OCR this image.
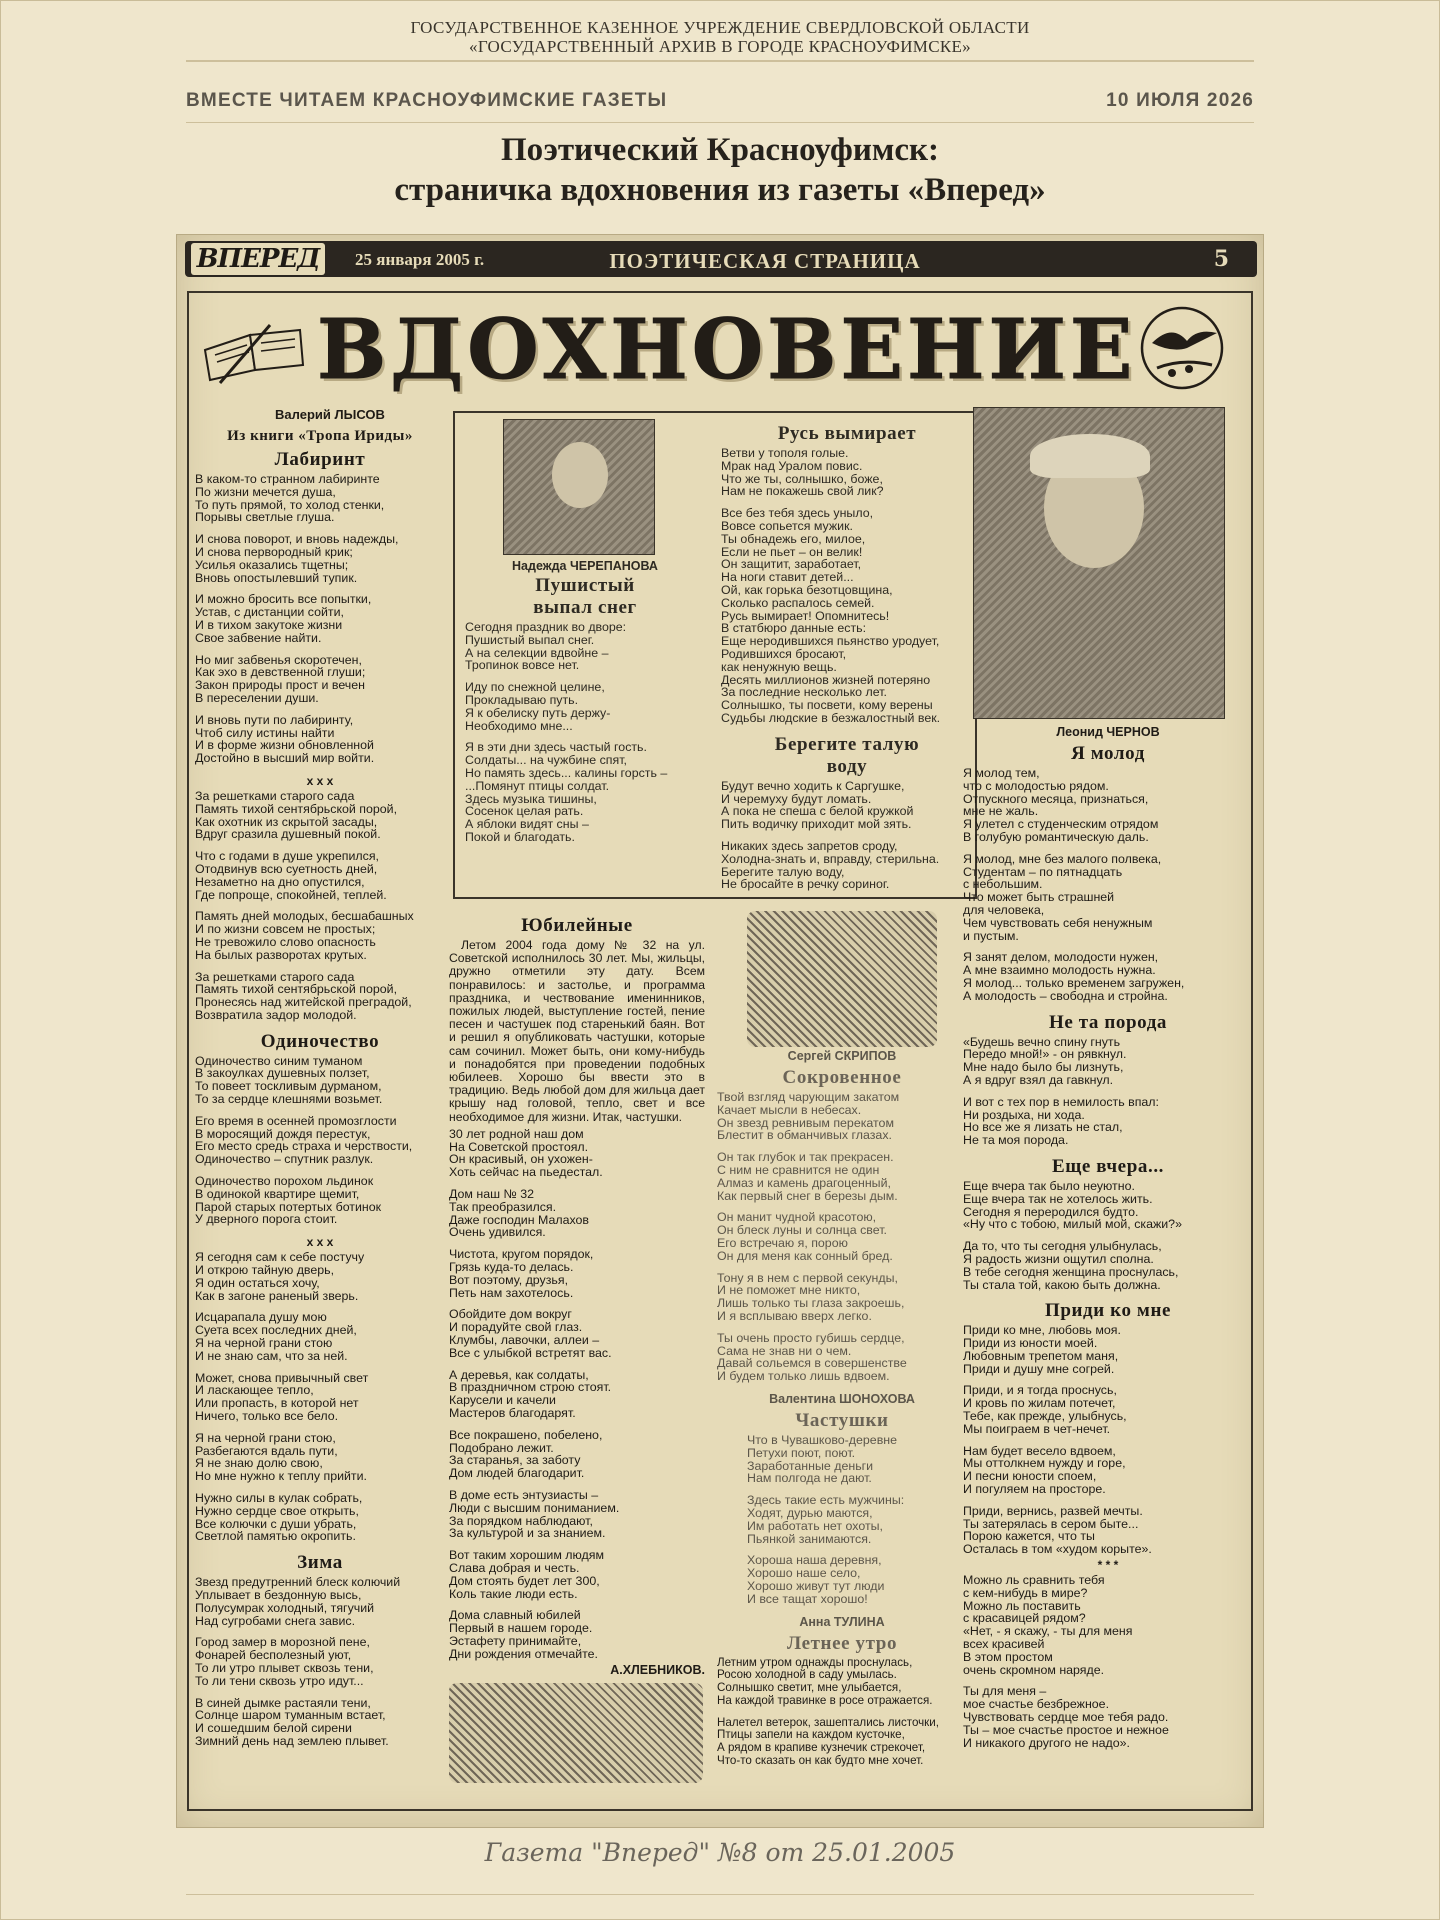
ГОСУДАРСТВЕННОЕ КАЗЕННОЕ УЧРЕЖДЕНИЕ СВЕРДЛОВСКОЙ ОБЛАСТИ
«ГОСУДАРСТВЕННЫЙ АРХИВ В ГОРОДЕ КРАСНОУФИМСКЕ»
ВМЕСТЕ ЧИТАЕМ КРАСНОУФИМСКИЕ ГАЗЕТЫ	10 ИЮЛЯ 2026
Поэтический Красноуфимск:
страничка вдохновения из газеты «Вперед»
ВПЕРЕД	25 января 2005 г.	ПОЭТИЧЕСКАЯ СТРАНИЦА	5
ВДОХНОВЕНИЕ
Валерий ЛЫСОВ
Из книги «Тропа Ириды»
Лабиринт
В каком-то странном лабиринте
По жизни мечется душа,
То путь прямой, то холод стенки,
Порывы светлые глуша.
И снова поворот, и вновь надежды,
И снова первородный крик;
Усилья оказались тщетны;
Вновь опостылевший тупик.
И можно бросить все попытки,
Устав, с дистанции сойти,
И в тихом закутоке жизни
Свое забвение найти.
Но миг забвенья скоротечен,
Как эхо в девственной глуши;
Закон природы прост и вечен
В переселении души.
И вновь пути по лабиринту,
Чтоб силу истины найти
И в форме жизни обновленной
Достойно в высший мир войти.
x x x
За решетками старого сада
Память тихой сентябрьской порой,
Как охотник из скрытой засады,
Вдруг сразила душевный покой.
Что с годами в душе укрепился,
Отодвинув всю суетность дней,
Незаметно на дно опустился,
Где попроще, спокойней, теплей.
Память дней молодых, бесшабашных
И по жизни совсем не простых;
Не тревожило слово опасность
На былых разворотах крутых.
За решетками старого сада
Память тихой сентябрьской порой,
Пронесясь над житейской преградой,
Возвратила задор молодой.
Одиночество
Одиночество синим туманом
В закоулках душевных ползет,
То повеет тоскливым дурманом,
То за сердце клешнями возьмет.
Его время в осенней промозглости
В моросящий дождя перестук,
Его место средь страха и черствости,
Одиночество – спутник разлук.
Одиночество порохом льдинок
В одинокой квартире щемит,
Парой старых потертых ботинок
У дверного порога стоит.
x x x
Я сегодня сам к себе постучу
И открою тайную дверь,
Я один остаться хочу,
Как в загоне раненый зверь.
Исцарапала душу мою
Суета всех последних дней,
Я на черной грани стою
И не знаю сам, что за ней.
Может, снова привычный свет
И ласкающее тепло,
Или пропасть, в которой нет
Ничего, только все бело.
Я на черной грани стою,
Разбегаются вдаль пути,
Я не знаю долю свою,
Но мне нужно к теплу прийти.
Нужно силы в кулак собрать,
Нужно сердце свое открыть,
Все колючки с души убрать,
Светлой памятью окропить.
Зима
Звезд предутренний блеск колючий
Уплывает в бездонную высь,
Полусумрак холодный, тягучий
Над сугробами снега завис.
Город замер в морозной пене,
Фонарей бесполезный уют,
То ли утро плывет сквозь тени,
То ли тени сквозь утро идут...
В синей дымке растаяли тени,
Солнце шаром туманным встает,
И сошедшим белой сирени
Зимний день над землею плывет.
Надежда ЧЕРЕПАНОВА
Пушистый
выпал снег
Сегодня праздник во дворе:
Пушистый выпал снег.
А на селекции вдвойне –
Тропинок вовсе нет.
Иду по снежной целине,
Прокладываю путь.
Я к обелиску путь держу-
Необходимо мне...
Я в эти дни здесь частый гость.
Солдаты... на чужбине спят,
Но память здесь... калины горсть –
...Помянут птицы солдат.
Здесь музыка тишины,
Сосенок целая рать.
А яблоки видят сны –
Покой и благодать.
Русь вымирает
Ветви у тополя голые.
Мрак над Уралом повис.
Что же ты, солнышко, боже,
Нам не покажешь свой лик?
Все без тебя здесь уныло,
Вовсе сопьется мужик.
Ты обнадежь его, милое,
Если не пьет – он велик!
Он защитит, заработает,
На ноги ставит детей...
Ой, как горька безотцовщина,
Сколько распалось семей.
Русь вымирает! Опомнитесь!
В статбюро данные есть:
Еще неродившихся пьянство уродует,
Родившихся бросают,
как ненужную вещь.
Десять миллионов жизней потеряно
За последние несколько лет.
Солнышко, ты посвети, кому верены
Судьбы людские в безжалостный век.
Берегите талую
воду
Будут вечно ходить к Саргушке,
И черемуху будут ломать.
А пока не спеша с белой кружкой
Пить водичку приходит мой зять.
Никаких здесь запретов сроду,
Холодна-знать и, вправду, стерильна.
Берегите талую воду,
Не бросайте в речку сориног.
Юбилейные
Летом 2004 года дому № 32 на ул. Советской исполнилось 30 лет. Мы, жильцы, дружно отметили эту дату. Всем понравилось: и застолье, и программа праздника, и чествование именинников, пожилых людей, выступление гостей, пение песен и частушек под старенький баян. Вот и решил я опубликовать частушки, которые сам сочинил. Может быть, они кому-нибудь и понадобятся при проведении подобных юбилеев. Хорошо бы ввести это в традицию. Ведь любой дом для жильца дает крышу над головой, тепло, свет и все необходимое для жизни. Итак, частушки.
30 лет родной наш дом
На Советской простоял.
Он красивый, он ухожен-
Хоть сейчас на пьедестал.
Дом наш № 32
Так преобразился.
Даже господин Малахов
Очень удивился.
Чистота, кругом порядок,
Грязь куда-то делась.
Вот поэтому, друзья,
Петь нам захотелось.
Обойдите дом вокруг
И порадуйте свой глаз.
Клумбы, лавочки, аллеи –
Все с улыбкой встретят вас.
А деревья, как солдаты,
В праздничном строю стоят.
Карусели и качели
Мастеров благодарят.
Все покрашено, побелено,
Подобрано лежит.
За старанья, за заботу
Дом людей благодарит.
В доме есть энтузиасты –
Люди с высшим пониманием.
За порядком наблюдают,
За культурой и за знанием.
Вот таким хорошим людям
Слава добрая и честь.
Дом стоять будет лет 300,
Коль такие люди есть.
Дома славный юбилей
Первый в нашем городе.
Эстафету принимайте,
Дни рождения отмечайте.
А.ХЛЕБНИКОВ.
Сергей СКРИПОВ
Сокровенное
Твой взгляд чарующим закатом
Качает мысли в небесах.
Он звезд ревнивым перекатом
Блестит в обманчивых глазах.
Он так глубок и так прекрасен.
С ним не сравнится не один
Алмаз и камень драгоценный,
Как первый снег в березы дым.
Он манит чудной красотою,
Он блеск луны и солнца свет.
Его встречаю я, порою
Он для меня как сонный бред.
Тону я в нем с первой секунды,
И не поможет мне никто,
Лишь только ты глаза закроешь,
И я всплываю вверх легко.
Ты очень просто губишь сердце,
Сама не знав ни о чем.
Давай сольемся в совершенстве
И будем только лишь вдвоем.
Валентина ШОНОХОВА
Частушки
Что в Чувашково-деревне
Петухи поют, поют.
Заработанные деньги
Нам полгода не дают.
Здесь такие есть мужчины:
Ходят, дурью маются,
Им работать нет охоты,
Пьянкой занимаются.
Хороша наша деревня,
Хорошо наше село,
Хорошо живут тут люди
И все тащат хорошо!
Анна ТУЛИНА
Летнее утро
Летним утром однажды проснулась,
Росою холодной в саду умылась.
Солнышко светит, мне улыбается,
На каждой травинке в росе отражается.
Налетел ветерок, зашептались листочки,
Птицы запели на каждом кусточке,
А рядом в крапиве кузнечик стрекочет,
Что-то сказать он как будто мне хочет.
Леонид ЧЕРНОВ
Я молод
Я молод тем,
что с молодостью рядом.
Отпускного месяца, признаться,
мне не жаль.
Я улетел с студенческим отрядом
В голубую романтическую даль.
Я молод, мне без малого полвека,
Студентам – по пятнадцать
с небольшим.
Что может быть страшней
для человека,
Чем чувствовать себя ненужным
и пустым.
Я занят делом, молодости нужен,
А мне взаимно молодость нужна.
Я молод... только временем загружен,
А молодость – свободна и стройна.
Не та порода
«Будешь вечно спину гнуть
Передо мной!» - он рявкнул.
Мне надо было бы лизнуть,
А я вдруг взял да гавкнул.
И вот с тех пор в немилость впал:
Ни роздыха, ни хода.
Но все же я лизать не стал,
Не та моя порода.
Еще вчера...
Еще вчера так было неуютно.
Еще вчера так не хотелось жить.
Сегодня я переродился будто.
«Ну что с тобою, милый мой, скажи?»
Да то, что ты сегодня улыбнулась,
Я радость жизни ощутил сполна.
В тебе сегодня женщина проснулась,
Ты стала той, какою быть должна.
Приди ко мне
Приди ко мне, любовь моя.
Приди из юности моей.
Любовным трепетом маня,
Приди и душу мне согрей.
Приди, и я тогда проснусь,
И кровь по жилам потечет,
Тебе, как прежде, улыбнусь,
Мы поиграем в чет-нечет.
Нам будет весело вдвоем,
Мы оттолкнем нужду и горе,
И песни юности споем,
И погуляем на просторе.
Приди, вернись, развей мечты.
Ты затерялась в сером быте...
Порою кажется, что ты
Осталась в том «худом корыте».
* * *
Можно ль сравнить тебя
с кем-нибудь в мире?
Можно ль поставить
с красавицей рядом?
«Нет, - я скажу, - ты для меня
всех красивей
В этом простом
очень скромном наряде.
Ты для меня –
мое счастье безбрежное.
Чувствовать сердце мое тебя радо.
Ты – мое счастье простое и нежное
И никакого другого не надо».
Газета "Вперед" №8 от 25.01.2005
